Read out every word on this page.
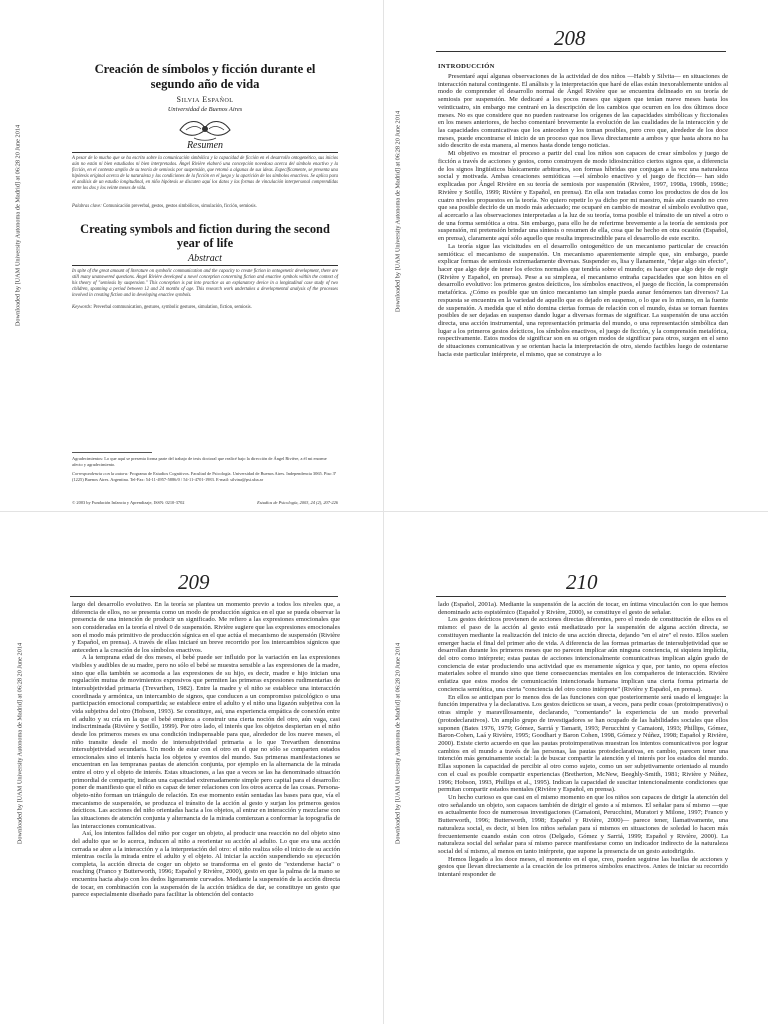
Downloaded by [UAM University Autonoma de Madrid] at 06:28 20 June 2014
Creación de símbolos y ficción durante el segundo año de vida
Silvia Español
Universidad de Buenos Aires
Resumen

A pesar de lo mucho que se ha escrito sobre la comunicación simbólica y la capacidad de ficción en el desarrollo ontogenético, sus inicios aún no están ni bien estudiados ni bien interpretados. Ángel Rivière elaboró una concepción novedosa acerca del símbolo enactivo y la ficción, en el contexto amplio de su teoría de semiosis por suspensión, que retomó a algunas de sus ideas. Específicamente, se presenta una hipótesis original acerca de la naturaleza y las condiciones de la ficción en el juego y la aparición de los símbolos enactivos. Se aplica para el análisis de un estudio longitudinal, en niño hipótesis se discuten aquí los datos y las formas de vinculación interpersonal comprendidas entre los dos y los veinte meses de vida.

Palabras clave: Comunicación preverbal, gestos, gestos simbólicos, simulación, ficción, semiosis.

Creating symbols and fiction during the second year of life
Abstract

In spite of the great amount of literature on symbolic communication and the capacity to create fiction in ontogenetic development, there are still many unanswered questions. Ángel Rivière developed a novel conception concerning fiction and enactive symbols within the context of his theory of "semiosis by suspension." This conception is put into practice as an explanatory device in a longitudinal case study of two children, spanning a period between 12 and 24 months of age. This research work undertakes a developmental analysis of the processes involved in creating fiction and in developing enactive symbols.

Keywords: Preverbal communication, gestures, symbolic gestures, simulation, fiction, semiosis.

Agradecimientos: Lo que aquí se presenta forma parte del trabajo de tesis doctoral que realicé bajo la dirección de Ángel Rivière, a él mi enorme afecto y agradecimiento.

Correspondencia con la autora: Programa de Estudios Cognitivos. Facultad de Psicología. Universidad de Buenos Aires. Independencia 3065. Piso 3º (1225) Buenos Aires. Argentina. Tel-Fax: 54-11-4957-5886/0 / 54-11-4701-1983. E-mail: silvina@psi.uba.ar

© 2003 by Fundación Infancia y Aprendizaje, ISSN: 0210-3702	Estudios de Psicología, 2003, 24 (2), 207-226
208
Downloaded by [UAM University Autonoma de Madrid] at 06:28 20 June 2014
INTRODUCCIÓN

Presentaré aquí algunas observaciones de la actividad de dos niños —Habib y Silvita— en situaciones de interacción natural contingente. El análisis y la interpretación que haré de ellas están inexorablemente unidos al modo de comprender el desarrollo normal de Ángel Rivière que se encuentra delineado en su teoría de semiosis por suspensión. Me dedicaré a los pocos meses que siguen que tenían nueve meses hasta los veinticuatro, sin embargo me centraré en la descripción de los cambios que ocurren en los dos últimos doce meses. No es que considere que no pueden rastrearse los orígenes de las capacidades simbólicas y ficcionales en los meses anteriores, de hecho comentaré brevemente la evolución de las cualidades de la interacción y de las capacidades comunicativas que los anteceden y los toman posibles, pero creo que, alrededor de los doce meses, puede encontrarse el inicio de un proceso que nos lleva directamente a ambos y que hasta ahora no ha sido descrito de esta manera, al menos hasta donde tengo noticias.

Mi objetivo es mostrar el proceso a partir del cual los niños son capaces de crear símbolos y juego de ficción a través de acciones y gestos, como construyen de modo idiosincrático ciertos signos que, a diferencia de los signos lingüísticos básicamente arbitrarios, son formas híbridas que conjugan a la vez una naturaleza social y motivada. Ambas creaciones semióticas —el símbolo enactivo y el juego de ficción— han sido explicadas por Ángel Rivière en su teoría de semiosis por suspensión (Rivière, 1997, 1998a, 1998b, 1998c; Rivière y Sotillo, 1999; Rivière y Español, en prensa). En ella son tratadas como los productos de dos de los cuatro niveles propuestos en la teoría. No quiero repetir lo ya dicho por mi maestro, más aún cuando no creo que sea posible decirlo de un modo más adecuado; me ocuparé en cambio de mostrar el símbolo evolutivo que, al acercarlo a las observaciones interpretadas a la luz de su teoría, toma posible el tránsito de un nivel a otro o de una forma semiótica a otra. Sin embargo, para ello he de referirme brevemente a la teoría de semiosis por suspensión, mi pretensión brindar una síntesis o resumen de ella, cosa que he hecho en otra ocasión (Español, en prensa), claramente aquí sólo aquello que resulta imprescindible para el desarrollo de este escrito.

La teoría sigue las vicisitudes en el desarrollo ontogenético de un mecanismo particular de creación semiótica: el mecanismo de suspensión. Un mecanismo aparentemente simple que, sin embargo, puede explicar formas de semiosis extremadamente diversas. Suspender es, lisa y llanamente, "dejar algo sin efecto", hacer que algo deje de tener los efectos normales que tendría sobre el mundo; es hacer que algo deje de regir (Rivière y Español, en prensa). Pese a su simpleza, el mecanismo entraña capacidades que son hitos en el desarrollo evolutivo: los primeros gestos deícticos, los símbolos enactivos, el juego de ficción, la comprensión metafórica. ¿Cómo es posible que un único mecanismo tan simple pueda aunar fenómenos tan diversos? La respuesta se encuentra en la variedad de aquello que es dejado en suspenso, o lo que es lo mismo, en la fuente de suspensión. A medida que el niño domina ciertas formas de relación con el mundo, éstas se tornan fuentes posibles de ser dejadas en suspenso dando lugar a diversas formas de significar. La suspensión de una acción directa, una acción instrumental, una representación primaria del mundo, o una representación simbólica dan lugar a los primeros gestos deícticos, los símbolos enactivos, el juego de ficción, y la comprensión metafórica, respectivamente. Estos modos de significar son en su origen modos de significar para otros, surgen en el seno de situaciones comunicativas y se orientan hacia la interpretación de otro, siendo factibles luego de ostentarse hacia este particular intérprete, el mismo, que se construye a lo

209
Downloaded by [UAM University Autonoma de Madrid] at 06:28 20 June 2014

largo del desarrollo evolutivo. En la teoría se plantea un momento previo a todos los niveles que, a diferencia de ellos, no se presenta como un modo de producción sígnica en el que se pueda observar la presencia de una intención de producir un significado. Me refiero a las expresiones emocionales que son consideradas en la teoría el nivel 0 de suspensión. Rivière sugiere que las expresiones emocionales son el modo más primitivo de producción sígnica en el que actúa el mecanismo de suspensión (Rivière y Español, en prensa). A través de ellas iniciaré un breve recorrido por los intercambios sígnicos que anteceden a la creación de los símbolos enactivos.

A la temprana edad de dos meses, el bebé puede ser influido por la variación en las expresiones visibles y audibles de su madre, pero no sólo el bebé se muestra sensible a las expresiones de la madre, sino que ella también se acomoda a las expresiones de su hijo, es decir, madre e hijo inician una regulación mutua de movimientos expresivos que permiten las primeras expresiones rudimentarias de intersubjetividad primaria (Trevarthen, 1982). Entre la madre y el niño se establece una interacción coordinada y armónica, un intercambio de signos, que conducen a un compromiso psicológico o una participación emocional compartida; se establece entre el adulto y el niño una ligazón subjetiva con la vida subjetiva del otro (Hobson, 1993). Se constituye, así, una experiencia empática de conexión entre el adulto y su cría en la que el bebé empieza a construir una cierta noción del otro, aún vaga, casi indiscriminada (Rivière y Sotillo, 1999). Por otro lado, el interés que los objetos despiertan en el niño desde los primeros meses es una condición indispensable para que, alrededor de los nueve meses, el niño transite desde el modo de intersubjetividad primaria a lo que Trevarthen denomina intersubjetividad secundaria. Un modo de estar con el otro en el que no sólo se comparten estados emocionales sino el interés hacia los objetos y eventos del mundo. Sus primeras manifestaciones se encuentran en las tempranas pautas de atención conjunta, por ejemplo en la alternancia de la mirada entre el otro y el objeto de interés. Estas situaciones, a las que a veces se las ha denominado situación primordial de compartir, indican una capacidad extremadamente simple pero capital para el desarrollo: poner de manifiesto que el niño es capaz de tener relaciones con los otros acerca de las cosas. Persona-objeto-niño forman un triángulo de relación. En ese momento están sentadas las bases para que, vía el mecanismo de suspensión, se produzca el tránsito de la acción al gesto y surjan los primeros gestos deícticos. Las acciones del niño orientadas hacia a los objetos, al entrar en interacción y mezclarse con las situaciones de atención conjunta y alternancia de la mirada comienzan a conformar la topografía de las interacciones comunicativas.

Así, los intentos fallidos del niño por coger un objeto, al producir una reacción no del objeto sino del adulto que se lo acerca, inducen al niño a reorientar su acción al adulto. Lo que era una acción cerrada se abre a la interacción y a la interpretación del otro: el niño realiza sólo el inicio de su acción mientras oscila la mirada entre el adulto y el objeto. Al iniciar la acción suspendiendo su ejecución completa, la acción directa de coger un objeto se transforma en el gesto de "extenderse hacia" o reaching (Franco y Butterworth, 1996; Español y Rivière, 2000), gesto en que la palma de la mano se encuentra hacia abajo con los dedos ligeramente curvados. Mediante la suspensión de la acción directa de tocar, en combinación con la suspensión de la acción triádica de dar, se constituye un gesto que parece especialmente diseñado para facilitar la obtención del contacto

210
Downloaded by [UAM University Autonoma de Madrid] at 06:28 20 June 2014

lado (Español, 2001a). Mediante la suspensión de la acción de tocar, en íntima vinculación con lo que hemos denominado acto espistémico (Español y Rivière, 2000), se constituye el gesto de señalar.

Los gestos deícticos provienen de acciones directas diferentes, pero el modo de constitución de ellos es el mismo: el paso de la acción al gesto está mediatizado por la suspensión de alguna acción directa, se constituyen mediante la realización del inicio de una acción directa, dejando "en el aire" el resto. Ellos suelen emerger hacia el final del primer año de vida. A diferencia de las formas primarias de intersubjetividad que se desarrollan durante los primeros meses que no parecen implicar aún ninguna conciencia, ni siquiera implícita, del otro como intérprete; estas pautas de acciones intencionalmente comunicativas implican algún grado de conciencia de estar produciendo una actividad que es meramente sígnica y que, por tanto, no opera efectos materiales sobre el mundo sino que tiene consecuencias mentales en los compañeros de interacción. Rivière enfatiza que estos modos de comunicación intencionada humana implican una cierta forma primaria de conciencia semiótica, una cierta "conciencia del otro como intérprete" (Rivière y Español, en prensa).

En ellos se anticipan por lo menos dos de las funciones con que posteriormente será usado el lenguaje: la función imperativa y la declarativa. Los gestos deícticos se usan, a veces, para pedir cosas (protoimperativos) o otras simple y maravillosamente, declarando, "comentando" la experiencia de un modo preverbal (protodeclarativos). Un amplio grupo de investigadores se han ocupado de las habilidades sociales que ellos suponen (Bates 1976, 1979; Gómez, Sarriá y Tamarit, 1993; Perucchini y Camaioni, 1993; Phillips, Gómez, Baron-Cohen, Laá y Rivière, 1995; Goodhart y Baron Cohen, 1998, Gómez y Núñez, 1998; Español y Rivière, 2000). Existe cierto acuerdo en que las pautas protoimperativas muestran los intentos comunicativos por lograr cambios en el mundo a través de las personas, las pautas protodeclarativas, en cambio, parecen tener una intención más genuinamente social: la de buscar compartir la atención y el interés por los estados del mundo. Ellas suponen la capacidad de percibir al otro como sujeto, como un ser subjetivamente orientado al mundo con el cual es posible compartir experiencias (Bretherton, McNew, Beeghly-Smith, 1981; Rivière y Núñez, 1996; Hobson, 1993, Phillips et al., 1995). Indican la capacidad de suscitar intencionalmente condiciones que permitan compartir estados mentales (Rivière y Español, en prensa).

Un hecho curioso es que casi en el mismo momento en que los niños son capaces de dirigir la atención del otro señalando un objeto, son capaces también de dirigir el gesto a sí mismos. El señalar para sí mismo —que es actualmente foco de numerosas investigaciones (Camaioni, Perucchini, Muratori y Milone, 1997; Franco y Butterworth, 1996; Butterworth, 1998; Español y Rivière, 2000)— parece tener, llamativamente, una naturaleza social, es decir, si bien los niños señalan para sí mismos en situaciones de soledad lo hacen más frecuentemente cuando están con otros (Delgado, Gómez y Sarriá, 1999; Español y Rivière, 2000). La naturaleza social del señalar para sí mismo parece manifestarse como un indicador indirecto de la naturaleza social del sí mismo, al menos en tanto intérprete, que supone la presencia de un gesto autodirigido.

Hemos llegado a los doce meses, el momento en el que, creo, pueden seguirse las huellas de acciones y gestos que llevan directamente a la creación de los primeros símbolos enactivos. Antes de iniciar su recorrido intentaré responder de
